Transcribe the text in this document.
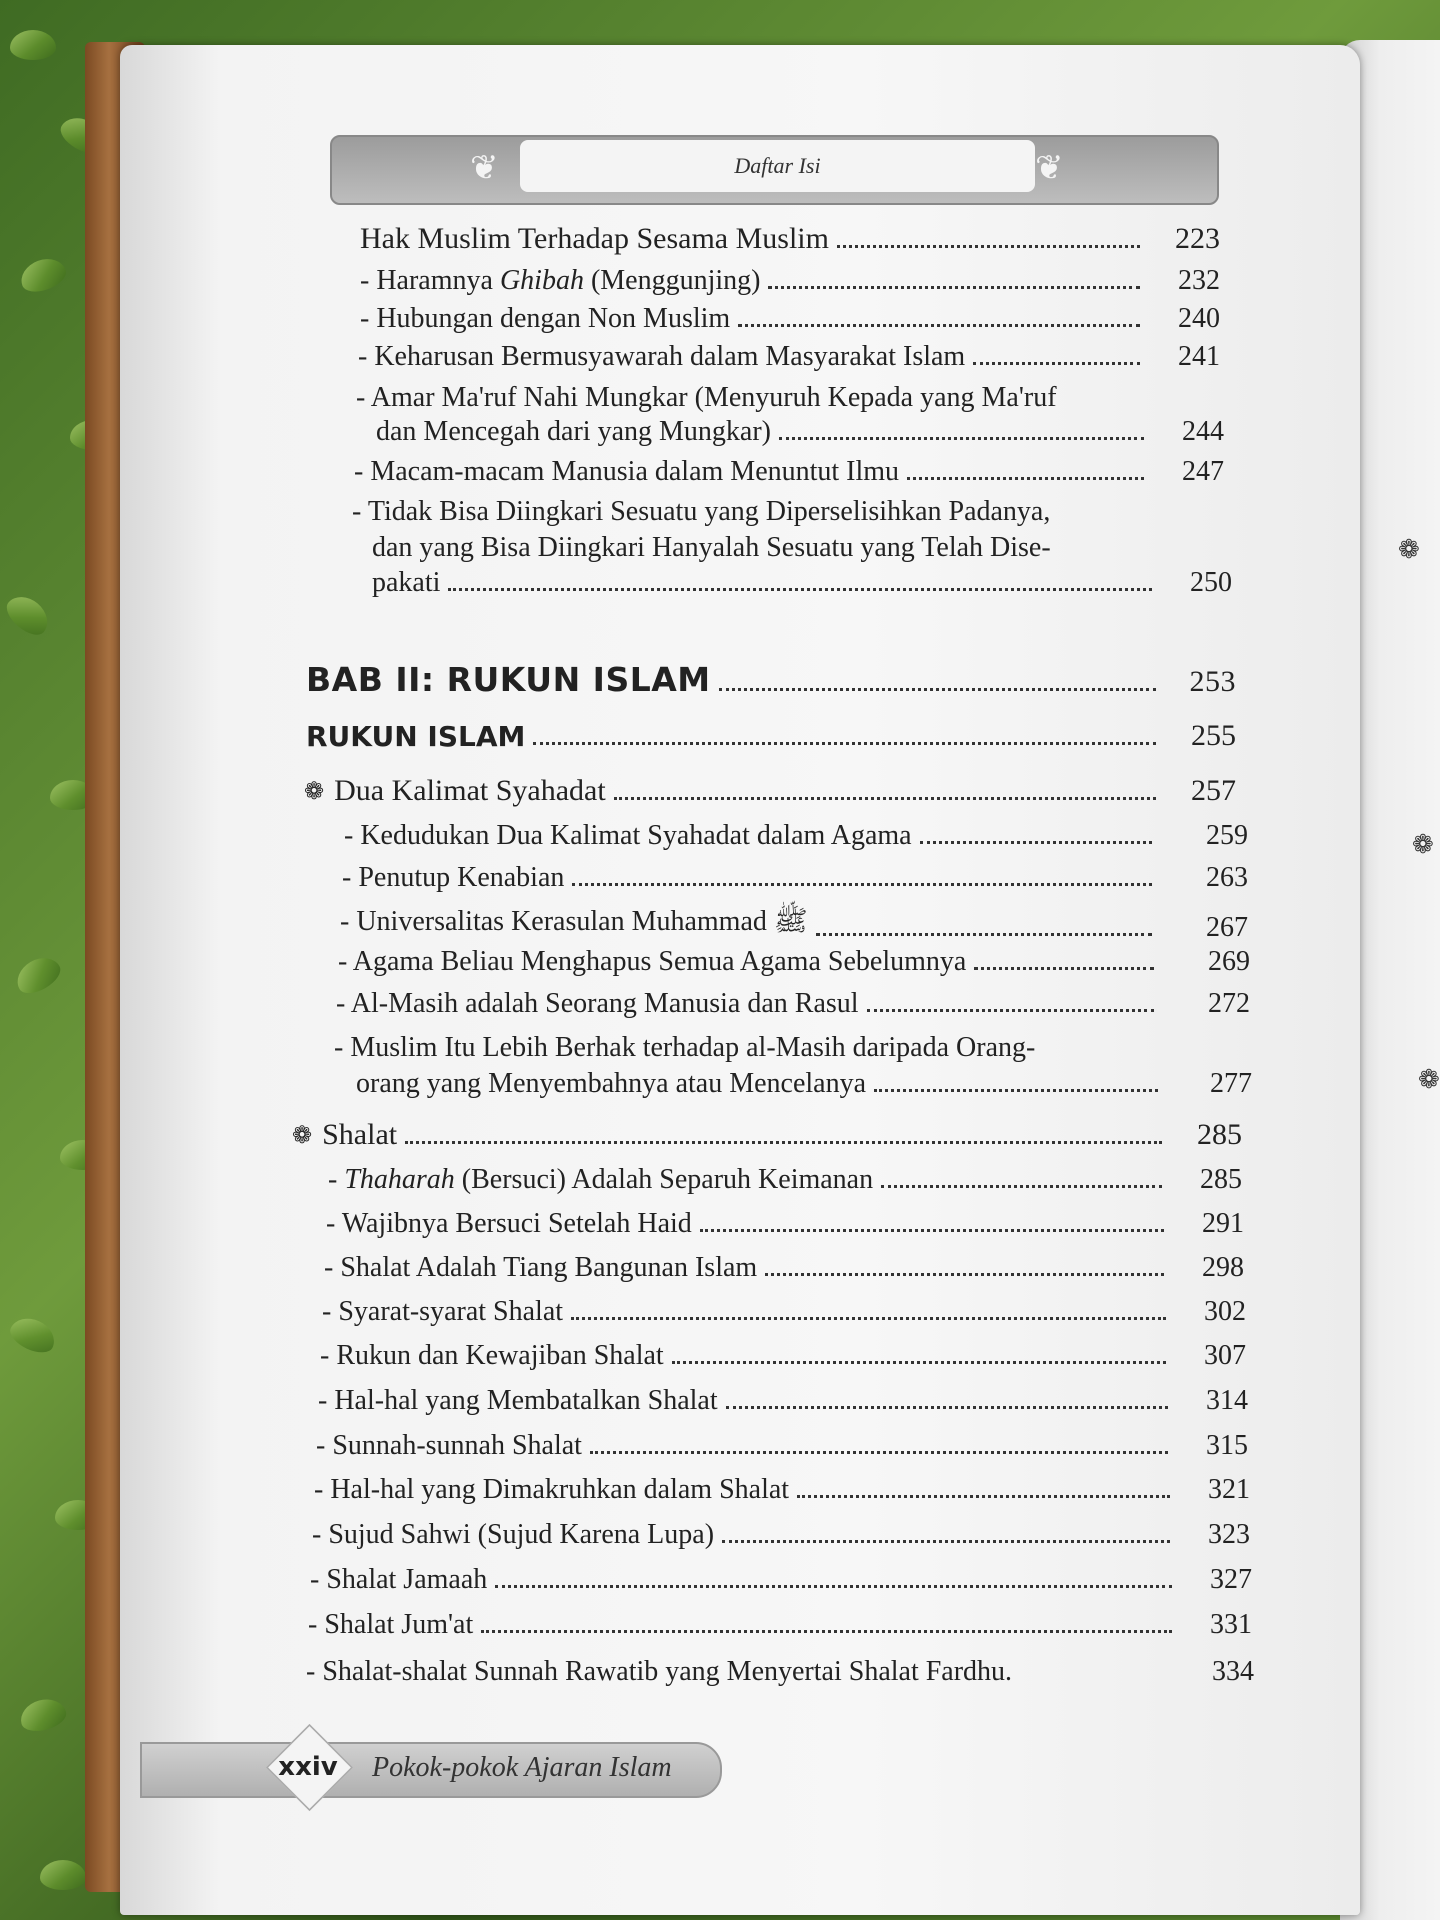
❁
❁
❁
❦	❦
Daftar Isi
Hak Muslim Terhadap Sesama Muslim	223
- Haramnya Ghibah (Menggunjing)	232
- Hubungan dengan Non Muslim	240
- Keharusan Bermusyawarah dalam Masyarakat Islam	241
- Amar Ma'ruf Nahi Mungkar (Menyuruh Kepada yang Ma'ruf
dan Mencegah dari yang Mungkar)	244
- Macam-macam Manusia dalam Menuntut Ilmu	247
- Tidak Bisa Diingkari Sesuatu yang Diperselisihkan Padanya,
dan yang Bisa Diingkari Hanyalah Sesuatu yang Telah Dise-
pakati	250
BAB II: RUKUN ISLAM	253
RUKUN ISLAM	255
❁ Dua Kalimat Syahadat	257
- Kedudukan Dua Kalimat Syahadat dalam Agama	259
- Penutup Kenabian	263
- Universalitas Kerasulan Muhammad ﷺ	267
- Agama Beliau Menghapus Semua Agama Sebelumnya	269
- Al-Masih adalah Seorang Manusia dan Rasul	272
- Muslim Itu Lebih Berhak terhadap al-Masih daripada Orang-
orang yang Menyembahnya atau Mencelanya	277
❁ Shalat	285
- Thaharah (Bersuci) Adalah Separuh Keimanan	285
- Wajibnya Bersuci Setelah Haid	291
- Shalat Adalah Tiang Bangunan Islam	298
- Syarat-syarat Shalat	302
- Rukun dan Kewajiban Shalat	307
- Hal-hal yang Membatalkan Shalat	314
- Sunnah-sunnah Shalat	315
- Hal-hal yang Dimakruhkan dalam Shalat	321
- Sujud Sahwi (Sujud Karena Lupa)	323
- Shalat Jamaah	327
- Shalat Jum'at	331
- Shalat-shalat Sunnah Rawatib yang Menyertai Shalat Fardhu.	334
xxiv Pokok-pokok Ajaran Islam
